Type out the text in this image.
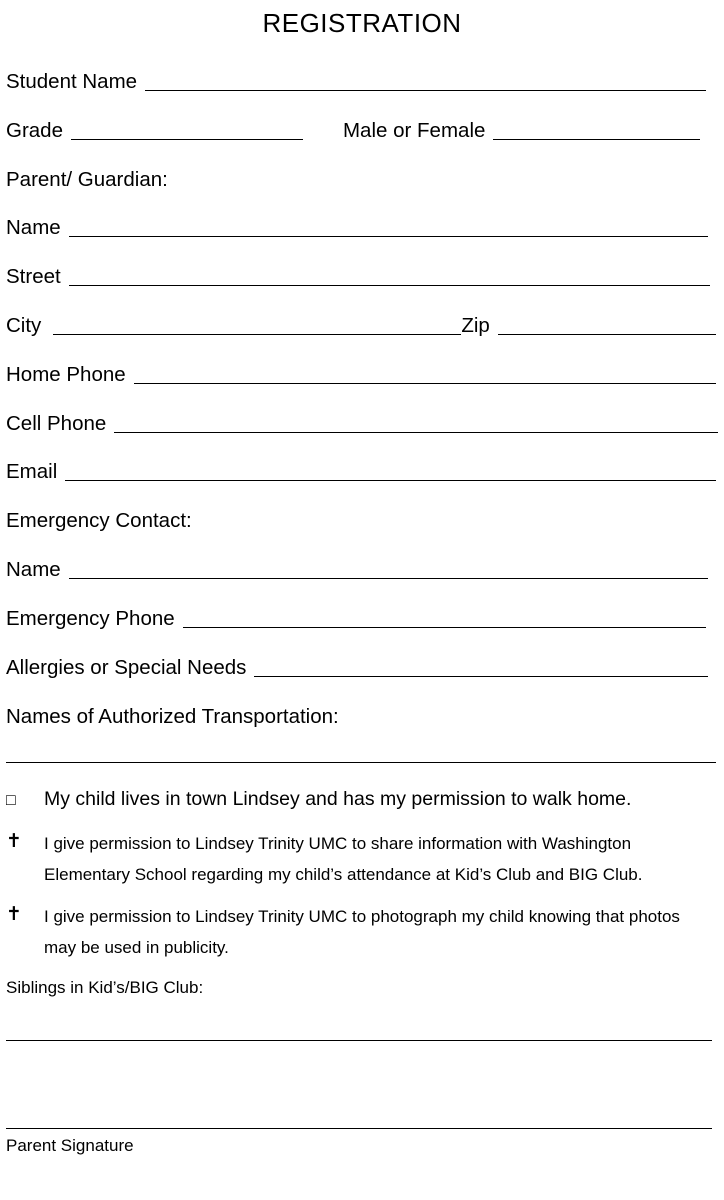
REGISTRATION
Student Name
Grade	Male or Female
Parent/ Guardian:
Name
Street
City	Zip
Home Phone
Cell Phone
Email
Emergency Contact:
Name
Emergency Phone
Allergies or Special Needs
Names of Authorized Transportation:
□	My child lives in town Lindsey and has my permission to walk home.
✝	I give permission to Lindsey Trinity UMC to share information with Washington Elementary School regarding my child’s attendance at Kid’s Club and BIG Club.
✝	I give permission to Lindsey Trinity UMC to photograph my child knowing that photos may be used in publicity.
Siblings in Kid’s/BIG Club:
Parent Signature
